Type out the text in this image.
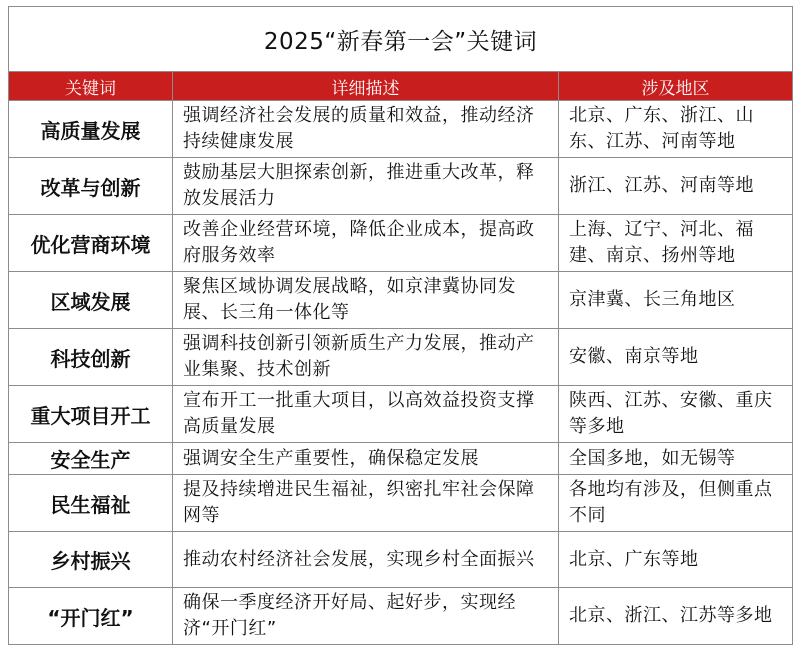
2025“新春第一会”关键词		
关键词	详细描述	涉及地区
高质量发展	强调经济社会发展的质量和效益，推动经济持续健康发展	北京、广东、浙江、山东、江苏、河南等地
改革与创新	鼓励基层大胆探索创新，推进重大改革，释放发展活力	浙江、江苏、河南等地
优化营商环境	改善企业经营环境，降低企业成本，提高政府服务效率	上海、辽宁、河北、福建、南京、扬州等地
区域发展	聚焦区域协调发展战略，如京津冀协同发展、长三角一体化等	京津冀、长三角地区
科技创新	强调科技创新引领新质生产力发展，推动产业集聚、技术创新	安徽、南京等地
重大项目开工	宣布开工一批重大项目，以高效益投资支撑高质量发展	陕西、江苏、安徽、重庆等多地
安全生产	强调安全生产重要性，确保稳定发展	全国多地，如无锡等
民生福祉	提及持续增进民生福祉，织密扎牢社会保障网等	各地均有涉及，但侧重点不同
乡村振兴	推动农村经济社会发展，实现乡村全面振兴	北京、广东等地
“开门红”	确保一季度经济开好局、起好步，实现经济“开门红”	北京、浙江、江苏等多地
